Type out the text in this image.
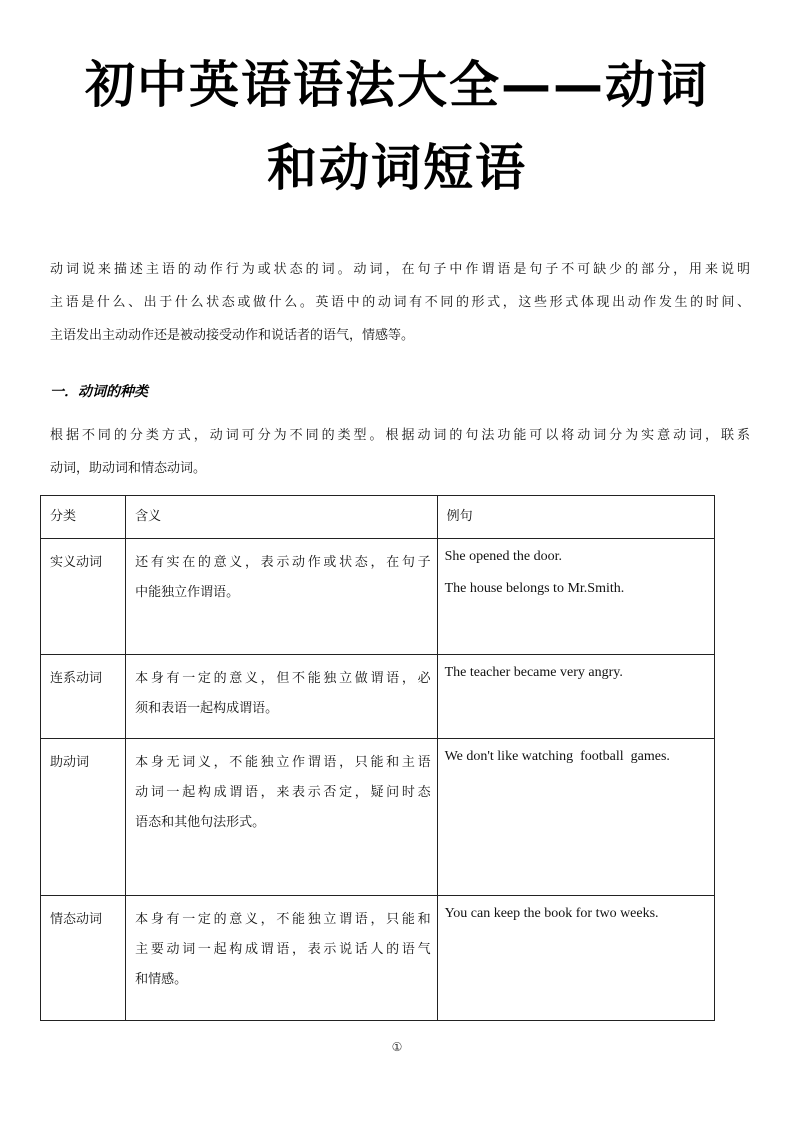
初中英语语法大全——动词
和动词短语
动词说来描述主语的动作行为或状态的词。动词，在句子中作谓语是句子不可缺少的部分，用来说明
主语是什么、出于什么状态或做什么。英语中的动词有不同的形式，这些形式体现出动作发生的时间、
主语发出主动动作还是被动接受动作和说话者的语气，情感等。
一．动词的种类
根据不同的分类方式，动词可分为不同的类型。根据动词的句法功能可以将动词分为实意动词，联系
动词，助动词和情态动词。
分类	含义	例句

实义动词	还有实在的意义，表示动作或状态，在句子
中能独立作谓语。	She opened the door.
The house belongs to Mr.Smith.

连系动词	本身有一定的意义，但不能独立做谓语，必
须和表语一起构成谓语。	The teacher became very angry.

助动词	本身无词义，不能独立作谓语，只能和主语
动词一起构成谓语，来表示否定，疑问时态
语态和其他句法形式。	We don't like watching  football  games.

情态动词	本身有一定的意义，不能独立谓语，只能和
主要动词一起构成谓语，表示说话人的语气
和情感。	You can keep the book for two weeks.
①
